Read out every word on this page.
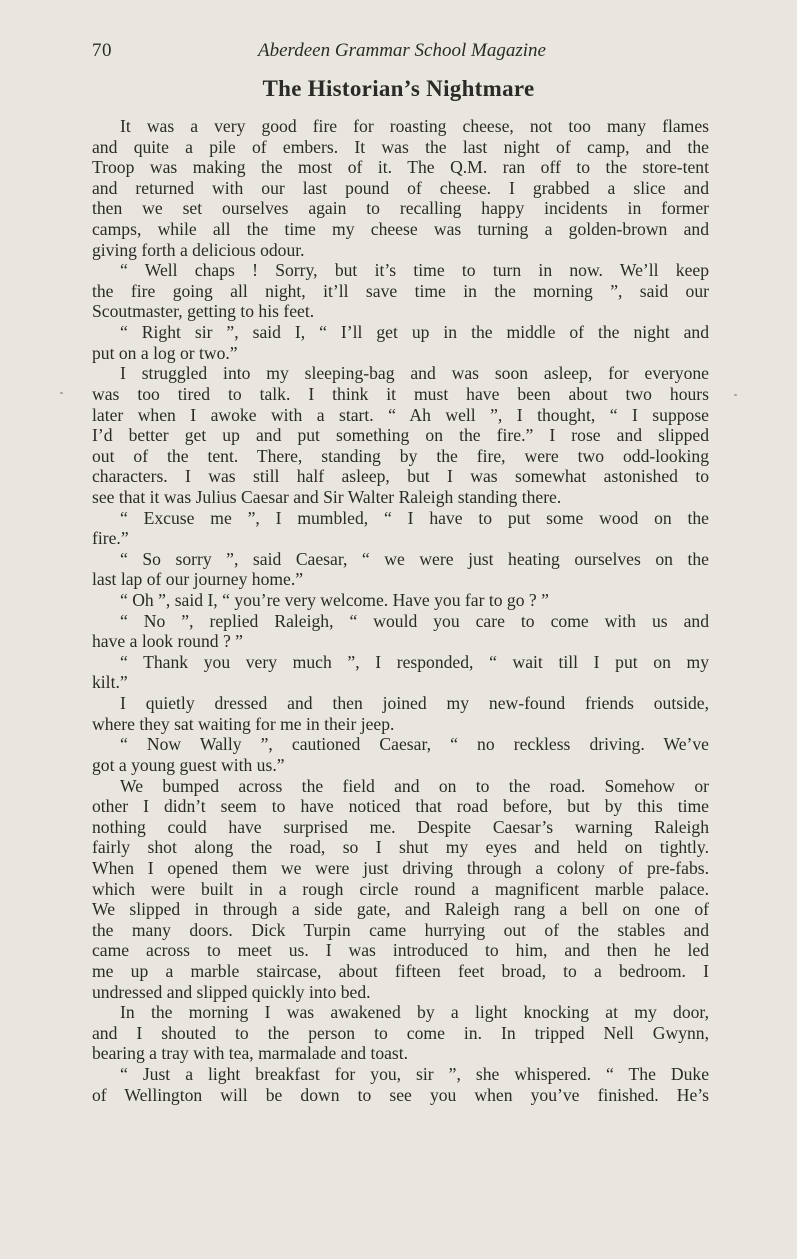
70	Aberdeen Grammar School Magazine
The Historian’s Nightmare
It was a very good fire for roasting cheese, not too many flames
and quite a pile of embers. It was the last night of camp, and the
Troop was making the most of it. The Q.M. ran off to the store-tent
and returned with our last pound of cheese. I grabbed a slice and
then we set ourselves again to recalling happy incidents in former
camps, while all the time my cheese was turning a golden-brown and
giving forth a delicious odour.
“ Well chaps ! Sorry, but it’s time to turn in now. We’ll keep
the fire going all night, it’ll save time in the morning ”, said our
Scoutmaster, getting to his feet.
“ Right sir ”, said I, “ I’ll get up in the middle of the night and
put on a log or two.”
I struggled into my sleeping-bag and was soon asleep, for everyone
was too tired to talk. I think it must have been about two hours
later when I awoke with a start. “ Ah well ”, I thought, “ I suppose
I’d better get up and put something on the fire.” I rose and slipped
out of the tent. There, standing by the fire, were two odd-looking
characters. I was still half asleep, but I was somewhat astonished to
see that it was Julius Caesar and Sir Walter Raleigh standing there.
“ Excuse me ”, I mumbled, “ I have to put some wood on the
fire.”
“ So sorry ”, said Caesar, “ we were just heating ourselves on the
last lap of our journey home.”
“ Oh ”, said I, “ you’re very welcome. Have you far to go ? ”
“ No ”, replied Raleigh, “ would you care to come with us and
have a look round ? ”
“ Thank you very much ”, I responded, “ wait till I put on my
kilt.”
I quietly dressed and then joined my new-found friends outside,
where they sat waiting for me in their jeep.
“ Now Wally ”, cautioned Caesar, “ no reckless driving. We’ve
got a young guest with us.”
We bumped across the field and on to the road. Somehow or
other I didn’t seem to have noticed that road before, but by this time
nothing could have surprised me. Despite Caesar’s warning Raleigh
fairly shot along the road, so I shut my eyes and held on tightly.
When I opened them we were just driving through a colony of pre-fabs.
which were built in a rough circle round a magnificent marble palace.
We slipped in through a side gate, and Raleigh rang a bell on one of
the many doors. Dick Turpin came hurrying out of the stables and
came across to meet us. I was introduced to him, and then he led
me up a marble staircase, about fifteen feet broad, to a bedroom. I
undressed and slipped quickly into bed.
In the morning I was awakened by a light knocking at my door,
and I shouted to the person to come in. In tripped Nell Gwynn,
bearing a tray with tea, marmalade and toast.
“ Just a light breakfast for you, sir ”, she whispered. “ The Duke
of Wellington will be down to see you when you’ve finished. He’s
